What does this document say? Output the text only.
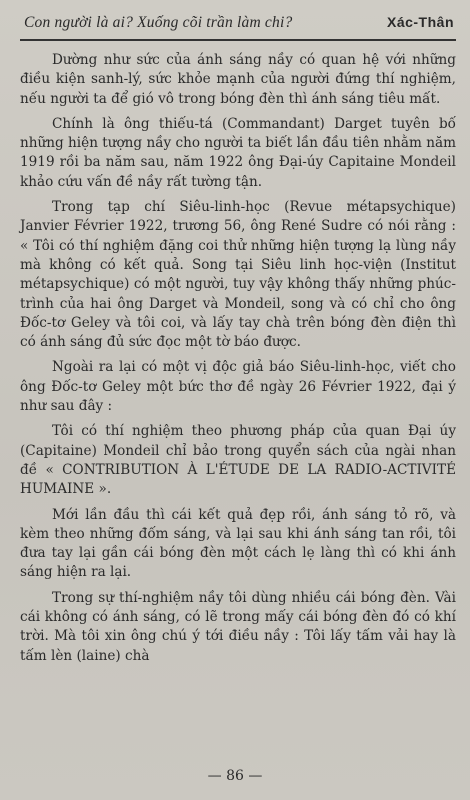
Con người là ai? Xuống cõi trần làm chi?	Xác-Thân

Dường như sức của ánh sáng nầy có quan hệ với những điều kiện sanh-lý, sức khỏe mạnh của người đứng thí nghiệm, nếu người ta để gió vô trong bóng đèn thì ánh sáng tiêu mất.

Chính là ông thiếu-tá (Commandant) Darget tuyên bố những hiện tượng nầy cho người ta biết lần đầu tiên nhằm năm 1919 rồi ba năm sau, năm 1922 ông Đại-úy Capitaine Mondeil khảo cứu vấn đề nầy rất tường tận.

Trong tạp chí Siêu-linh-học (Revue métapsychique) Janvier Février 1922, trương 56, ông René Sudre có nói rằng : « Tôi có thí nghiệm đặng coi thử những hiện tượng lạ lùng nầy mà không có kết quả. Song tại Siêu linh học-viện (Institut métapsychique) có một người, tuy vậy không thấy những phúc-trình của hai ông Darget và Mondeil, song và có chỉ cho ông Đốc-tơ Geley và tôi coi, và lấy tay chà trên bóng đèn điện thì có ánh sáng đủ sức đọc một tờ báo được.

Ngoài ra lại có một vị độc giả báo Siêu-linh-học, viết cho ông Đốc-tơ Geley một bức thơ đề ngày 26 Février 1922, đại ý như sau đây :

Tôi có thí nghiệm theo phương pháp của quan Đại úy (Capitaine) Mondeil chỉ bảo trong quyển sách của ngài nhan đề « CONTRIBUTION À L'ÉTUDE DE LA RADIO-ACTIVITÉ HUMAINE ».

Mới lần đầu thì cái kết quả đẹp rồi, ánh sáng tỏ rõ, và kèm theo những đốm sáng, và lại sau khi ánh sáng tan rồi, tôi đưa tay lại gần cái bóng đèn một cách lẹ làng thì có khi ánh sáng hiện ra lại.

Trong sự thí-nghiệm nầy tôi dùng nhiều cái bóng đèn. Vài cái không có ánh sáng, có lẽ trong mấy cái bóng đèn đó có khí trời. Mà tôi xin ông chú ý tới điều nầy : Tôi lấy tấm vải hay là tấm lèn (laine) chà

— 86 —
